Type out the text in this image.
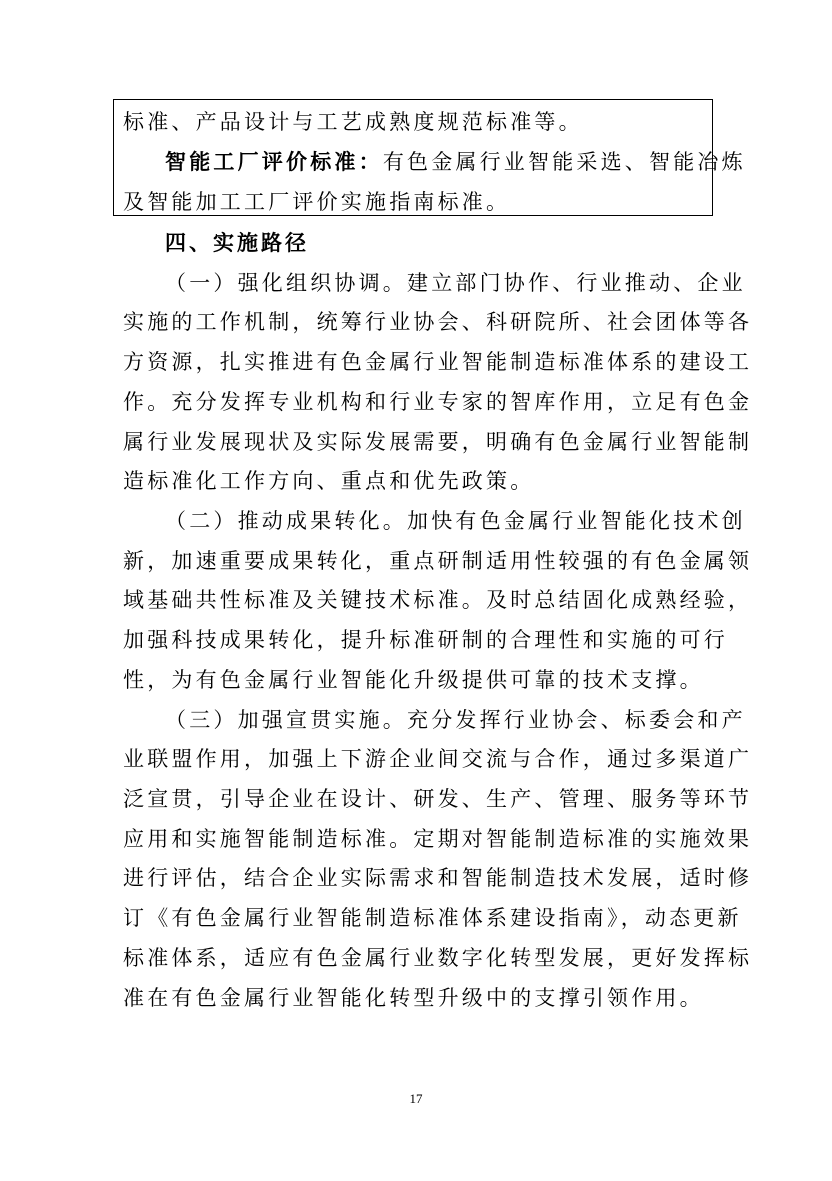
标准、产品设计与工艺成熟度规范标准等。
智能工厂评价标准：有色金属行业智能采选、智能冶炼
及智能加工工厂评价实施指南标准。
四、实施路径
（一）强化组织协调。建立部门协作、行业推动、企业
实施的工作机制，统筹行业协会、科研院所、社会团体等各
方资源，扎实推进有色金属行业智能制造标准体系的建设工
作。充分发挥专业机构和行业专家的智库作用，立足有色金
属行业发展现状及实际发展需要，明确有色金属行业智能制
造标准化工作方向、重点和优先政策。
（二）推动成果转化。加快有色金属行业智能化技术创
新，加速重要成果转化，重点研制适用性较强的有色金属领
域基础共性标准及关键技术标准。及时总结固化成熟经验，
加强科技成果转化，提升标准研制的合理性和实施的可行
性，为有色金属行业智能化升级提供可靠的技术支撑。
（三）加强宣贯实施。充分发挥行业协会、标委会和产
业联盟作用，加强上下游企业间交流与合作，通过多渠道广
泛宣贯，引导企业在设计、研发、生产、管理、服务等环节
应用和实施智能制造标准。定期对智能制造标准的实施效果
进行评估，结合企业实际需求和智能制造技术发展，适时修
订《有色金属行业智能制造标准体系建设指南》，动态更新
标准体系，适应有色金属行业数字化转型发展，更好发挥标
准在有色金属行业智能化转型升级中的支撑引领作用。
17
